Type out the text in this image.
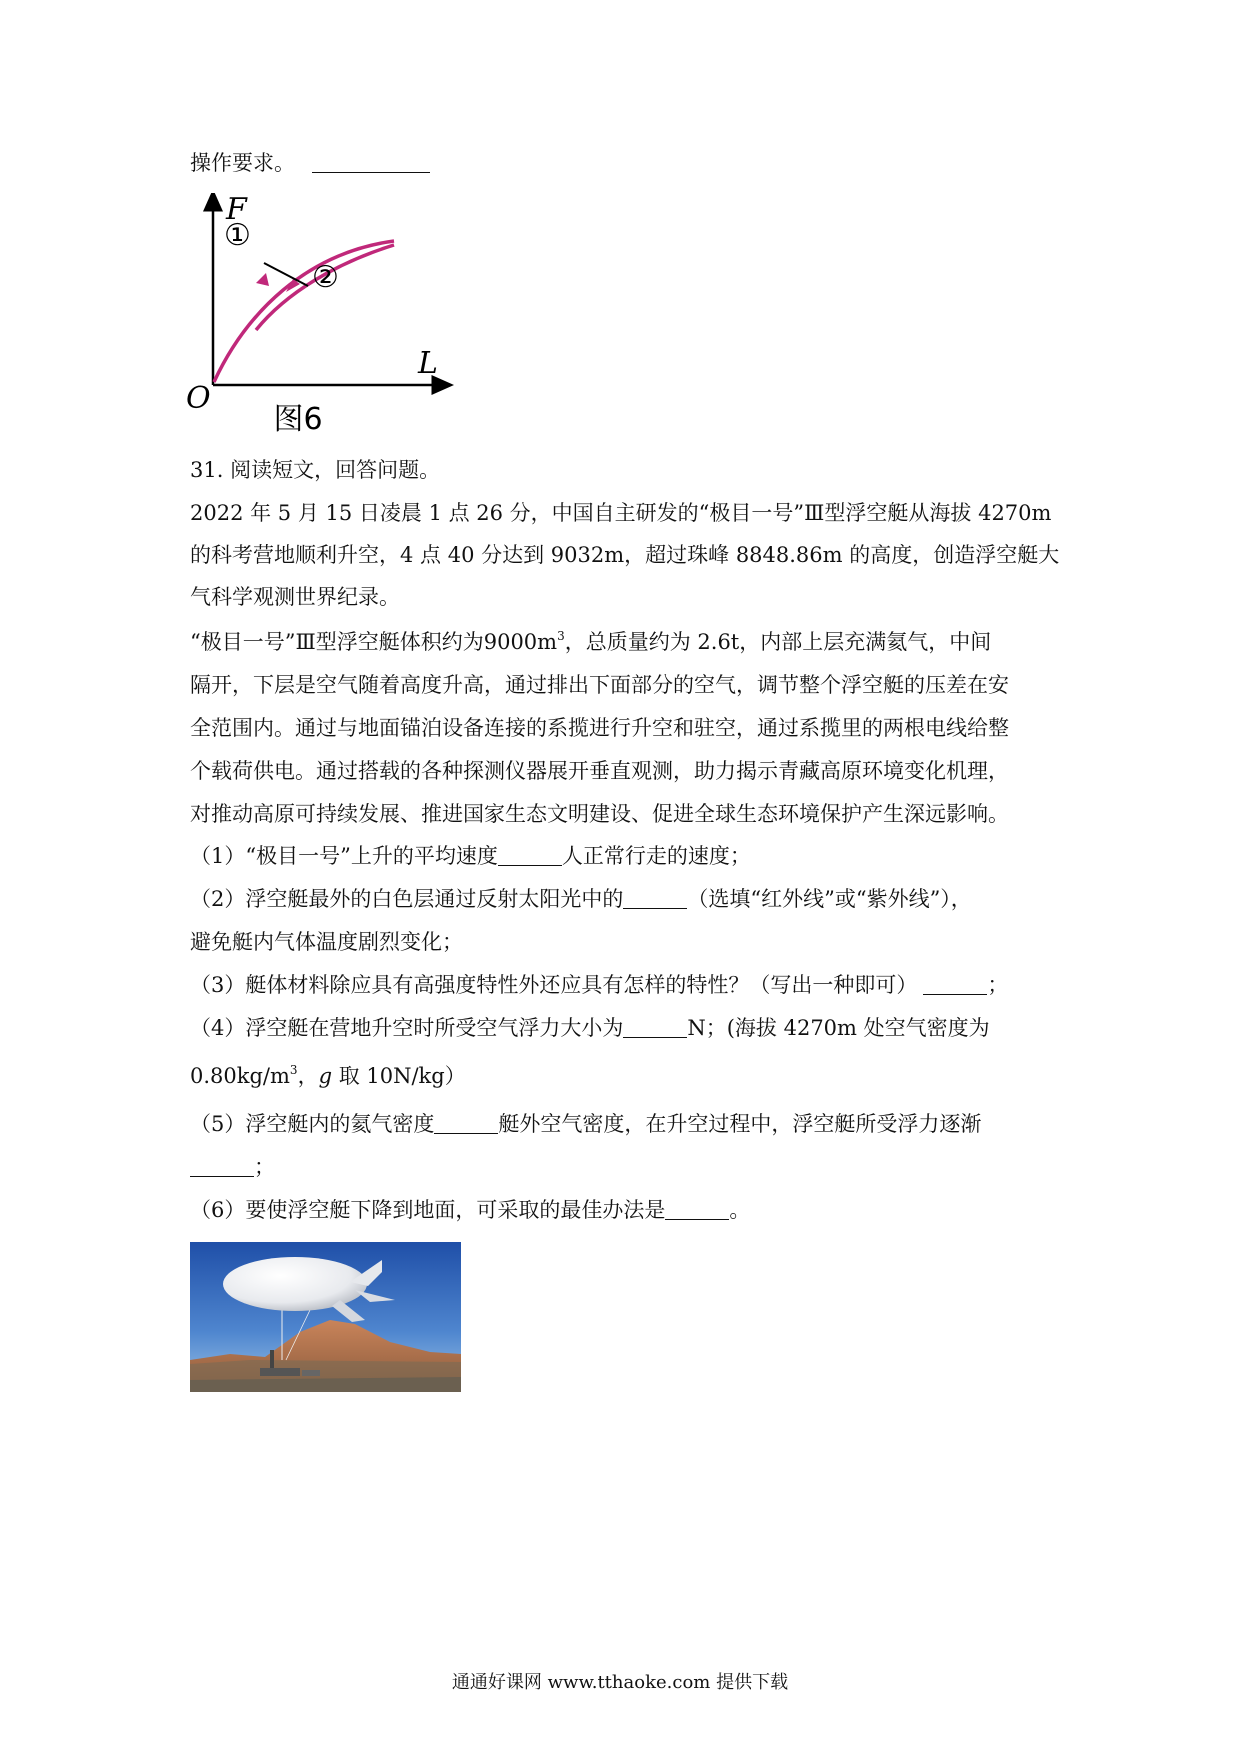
操作要求。
①
②
F
L
O
图6
31. 阅读短文，回答问题。
2022 年 5 月 15 日凌晨 1 点 26 分，中国自主研发的“极目一号”Ⅲ型浮空艇从海拔 4270m
的科考营地顺利升空，4 点 40 分达到 9032m，超过珠峰 8848.86m 的高度，创造浮空艇大
气科学观测世界纪录。
“极目一号”Ⅲ型浮空艇体积约为$9000m^3$，总质量约为 2.6t，内部上层充满氦气，中间
隔开，下层是空气随着高度升高，通过排出下面部分的空气，调节整个浮空艇的压差在安
全范围内。通过与地面锚泊设备连接的系揽进行升空和驻空，通过系揽里的两根电线给整
个载荷供电。通过搭载的各种探测仪器展开垂直观测，助力揭示青藏高原环境变化机理，
对推动高原可持续发展、推进国家生态文明建设、促进全球生态环境保护产生深远影响。
（1）“极目一号”上升的平均速度	人正常行走的速度；
（2）浮空艇最外的白色层通过反射太阳光中的	（选填“红外线”或“紫外线”），
避免艇内气体温度剧烈变化；
（3）艇体材料除应具有高强度特性外还应具有怎样的特性？（写出一种即可）	；
（4）浮空艇在营地升空时所受空气浮力大小为	N；(海拔 4270m 处空气密度为
$0.80kg/m^3$，g 取 10N/kg）
（5）浮空艇内的氦气密度	艇外空气密度，在升空过程中，浮空艇所受浮力逐渐
；
（6）要使浮空艇下降到地面，可采取的最佳办法是	。
通通好课网 www.tthaoke.com 提供下载
